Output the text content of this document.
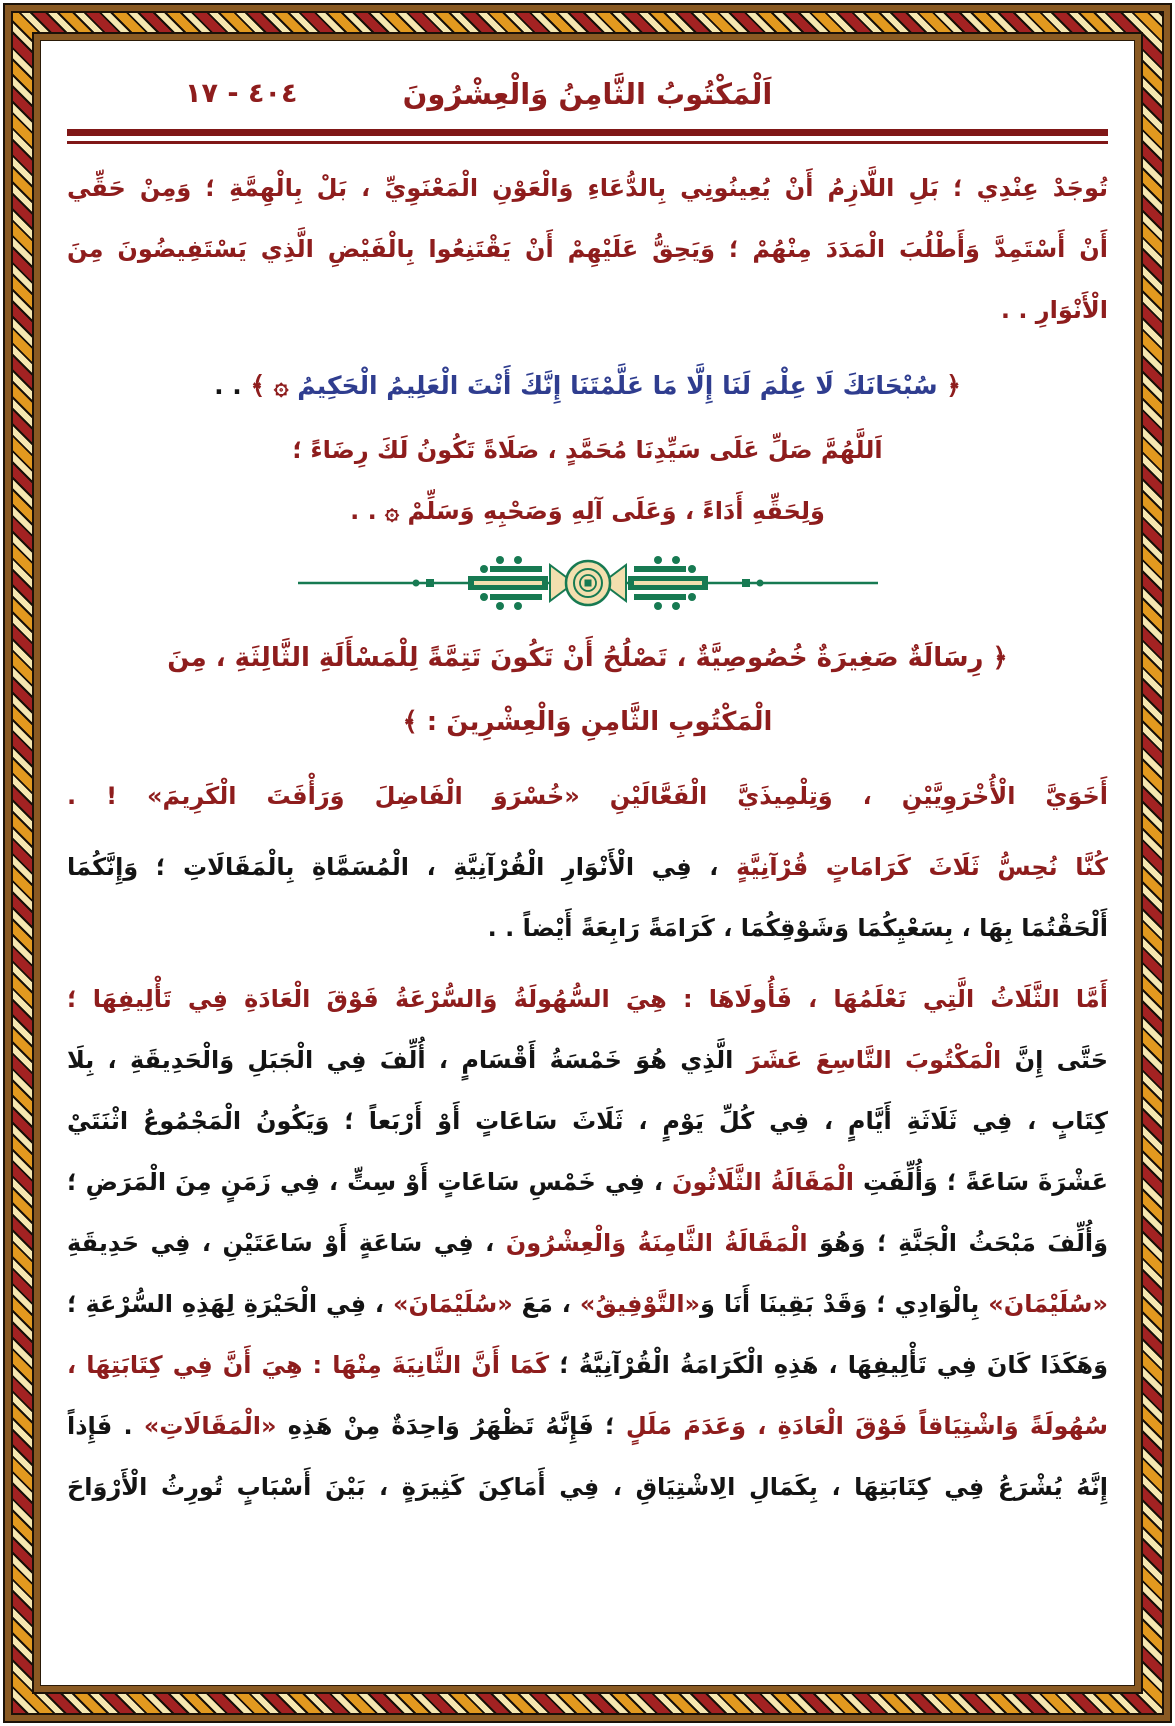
اَلْمَكْتُوبُ الثَّامِنُ وَالْعِشْرُونَ
٤٠٤ - ١٧
تُوجَدْ عِنْدِي ؛ بَلِ اللَّازِمُ أَنْ يُعِينُونِي بِالدُّعَاءِ وَالْعَوْنِ الْمَعْنَوِيِّ ، بَلْ بِالْهِمَّةِ ؛ وَمِنْ حَقِّي
أَنْ أَسْتَمِدَّ وَأَطْلُبَ الْمَدَدَ مِنْهُمْ ؛ وَيَحِقُّ عَلَيْهِمْ أَنْ يَقْتَنِعُوا بِالْفَيْضِ الَّذِي يَسْتَفِيضُونَ مِنَ
الْأَنْوَارِ . .
﴿ سُبْحَانَكَ لَا عِلْمَ لَنَا إِلَّا مَا عَلَّمْتَنَا إِنَّكَ أَنْتَ الْعَلِيمُ الْحَكِيمُ ۞ ﴾ . .
اَللَّهُمَّ صَلِّ عَلَى سَيِّدِنَا مُحَمَّدٍ ، صَلَاةً تَكُونُ لَكَ رِضَاءً ؛
وَلِحَقِّهِ أَدَاءً ، وَعَلَى آلِهِ وَصَحْبِهِ وَسَلِّمْ ۞ . .
﴿ رِسَالَةٌ صَغِيرَةٌ خُصُوصِيَّةٌ ، تَصْلُحُ أَنْ تَكُونَ تَتِمَّةً لِلْمَسْأَلَةِ الثَّالِثَةِ ، مِنَ
الْمَكْتُوبِ الثَّامِنِ وَالْعِشْرِينَ : ﴾
أَخَوَيَّ الْأُخْرَوِيَّيْنِ ، وَتِلْمِيذَيَّ الْفَعَّالَيْنِ «خُسْرَوَ الْفَاضِلَ وَرَأْفَتَ الْكَرِيمَ» ! .
كُنَّا نُحِسُّ ثَلَاثَ كَرَامَاتٍ قُرْآنِيَّةٍ ، فِي الْأَنْوَارِ الْقُرْآنِيَّةِ ، الْمُسَمَّاةِ بِالْمَقَالَاتِ ؛ وَإِنَّكُمَا
أَلْحَقْتُمَا بِهَا ، بِسَعْيِكُمَا وَشَوْقِكُمَا ، كَرَامَةً رَابِعَةً أَيْضاً . .
أَمَّا الثَّلَاثُ الَّتِي نَعْلَمُهَا ، فَأُولَاهَا : هِيَ السُّهُولَةُ وَالسُّرْعَةُ فَوْقَ الْعَادَةِ فِي تَأْلِيفِهَا ؛
حَتَّى إِنَّ الْمَكْتُوبَ التَّاسِعَ عَشَرَ الَّذِي هُوَ خَمْسَةُ أَقْسَامٍ ، أُلِّفَ فِي الْجَبَلِ وَالْحَدِيقَةِ ، بِلَا
كِتَابٍ ، فِي ثَلَاثَةِ أَيَّامٍ ، فِي كُلِّ يَوْمٍ ، ثَلَاثَ سَاعَاتٍ أَوْ أَرْبَعاً ؛ وَيَكُونُ الْمَجْمُوعُ اثْنَتَيْ
عَشْرَةَ سَاعَةً ؛ وَأُلِّفَتِ الْمَقَالَةُ الثَّلَاثُونَ ، فِي خَمْسِ سَاعَاتٍ أَوْ سِتٍّ ، فِي زَمَنٍ مِنَ الْمَرَضِ ؛
وَأُلِّفَ مَبْحَثُ الْجَنَّةِ ؛ وَهُوَ الْمَقَالَةُ الثَّامِنَةُ وَالْعِشْرُونَ ، فِي سَاعَةٍ أَوْ سَاعَتَيْنِ ، فِي حَدِيقَةِ
«سُلَيْمَانَ» بِالْوَادِي ؛ وَقَدْ بَقِينَا أَنَا وَ«التَّوْفِيقُ» ، مَعَ «سُلَيْمَانَ» ، فِي الْحَيْرَةِ لِهَذِهِ السُّرْعَةِ ؛
وَهَكَذَا كَانَ فِي تَأْلِيفِهَا ، هَذِهِ الْكَرَامَةُ الْقُرْآنِيَّةُ ؛ كَمَا أَنَّ الثَّانِيَةَ مِنْهَا : هِيَ أَنَّ فِي كِتَابَتِهَا ،
سُهُولَةً وَاشْتِيَاقاً فَوْقَ الْعَادَةِ ، وَعَدَمَ مَلَلٍ ؛ فَإِنَّهُ تَظْهَرُ وَاحِدَةٌ مِنْ هَذِهِ «الْمَقَالَاتِ» . فَإِذاً
إِنَّهُ يُشْرَعُ فِي كِتَابَتِهَا ، بِكَمَالِ الِاشْتِيَاقِ ، فِي أَمَاكِنَ كَثِيرَةٍ ، بَيْنَ أَسْبَابٍ تُورِثُ الْأَرْوَاحَ
